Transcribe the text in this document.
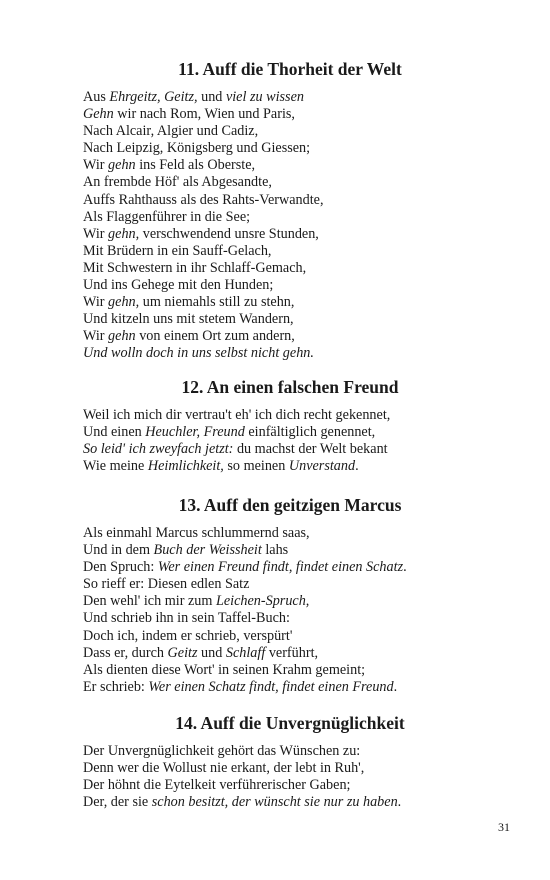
11. Auff die Thorheit der Welt
Aus Ehrgeitz, Geitz, und viel zu wissen
Gehn wir nach Rom, Wien und Paris,
Nach Alcair, Algier und Cadiz,
Nach Leipzig, Königsberg und Giessen;
Wir gehn ins Feld als Oberste,
An frembde Höf' als Abgesandte,
Auffs Rahthauss als des Rahts-Verwandte,
Als Flaggenführer in die See;
Wir gehn, verschwendend unsre Stunden,
Mit Brüdern in ein Sauff-Gelach,
Mit Schwestern in ihr Schlaff-Gemach,
Und ins Gehege mit den Hunden;
Wir gehn, um niemahls still zu stehn,
Und kitzeln uns mit stetem Wandern,
Wir gehn von einem Ort zum andern,
Und wolln doch in uns selbst nicht gehn.
12. An einen falschen Freund
Weil ich mich dir vertrau't eh' ich dich recht gekennet,
Und einen Heuchler, Freund einfältiglich genennet,
So leid' ich zweyfach jetzt: du machst der Welt bekant
Wie meine Heimlichkeit, so meinen Unverstand.
13. Auff den geitzigen Marcus
Als einmahl Marcus schlummernd saas,
Und in dem Buch der Weissheit lahs
Den Spruch: Wer einen Freund findt, findet einen Schatz.
So rieff er: Diesen edlen Satz
Den wehl' ich mir zum Leichen-Spruch,
Und schrieb ihn in sein Taffel-Buch:
Doch ich, indem er schrieb, verspürt'
Dass er, durch Geitz und Schlaff verführt,
Als dienten diese Wort' in seinen Krahm gemeint;
Er schrieb: Wer einen Schatz findt, findet einen Freund.
14. Auff die Unvergnüglichkeit
Der Unvergnüglichkeit gehört das Wünschen zu:
Denn wer die Wollust nie erkant, der lebt in Ruh',
Der höhnt die Eytelkeit verführerischer Gaben;
Der, der sie schon besitzt, der wünscht sie nur zu haben.
31
